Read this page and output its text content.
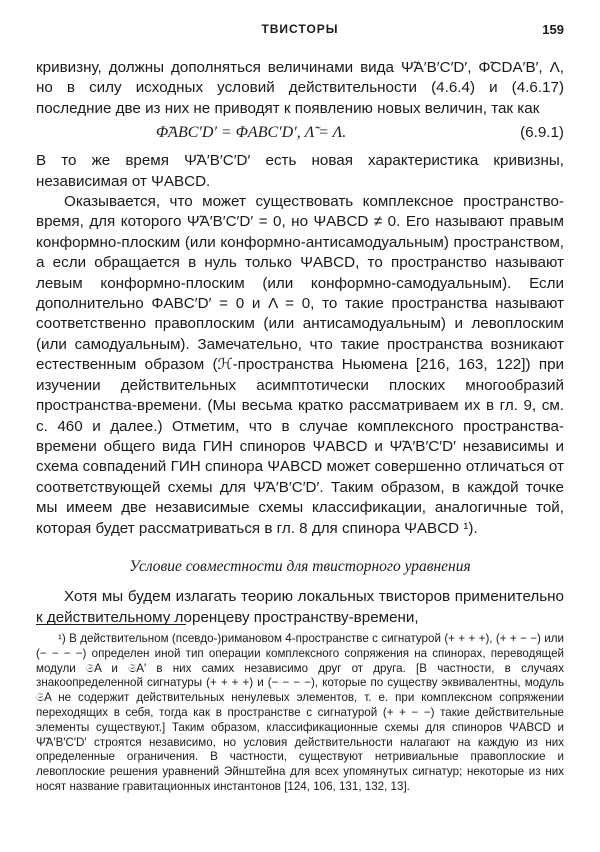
ТВИСТОРЫ	159

кривизну, должны дополняться величинами вида Ψ̃A′B′C′D′, Φ̃CDA′B′, Λ, но в силу исходных условий действительности (4.6.4) и (4.6.17) последние две из них не приводят к появлению новых величин, так как

Φ̃ABC′D′ = ΦABC′D′, Λ̃ = Λ.	(6.9.1)

В то же время Ψ̃A′B′C′D′ есть новая характеристика кривизны, независимая от ΨABCD.

Оказывается, что может существовать комплексное пространство-время, для которого Ψ̃A′B′C′D′ = 0, но ΨABCD ≠ 0. Его называют правым конформно-плоским (или конформно-антисамодуальным) пространством, а если обращается в нуль только ΨABCD, то пространство называют левым конформно-плоским (или конформно-самодуальным). Если дополнительно ΦABC′D′ = 0 и Λ = 0, то такие пространства называют соответственно правоплоским (или антисамодуальным) и левоплоским (или самодуальным). Замечательно, что такие пространства возникают естественным образом (ℋ-пространства Ньюмена [216, 163, 122]) при изучении действительных асимптотически плоских многообразий пространства-времени. (Мы весьма кратко рассматриваем их в гл. 9, см. с. 460 и далее.) Отметим, что в случае комплексного пространства-времени общего вида ГИН спиноров ΨABCD и Ψ̃A′B′C′D′ независимы и схема совпадений ГИН спинора ΨABCD может совершенно отличаться от соответствующей схемы для Ψ̃A′B′C′D′. Таким образом, в каждой точке мы имеем две независимые схемы классификации, аналогичные той, которая будет рассматриваться в гл. 8 для спинора ΨABCD ¹).

Условие совместности для твисторного уравнения

Хотя мы будем излагать теорию локальных твисторов применительно к действительному лоренцеву пространству-времени,

¹) В действительном (псевдо-)римановом 4-пространстве с сигнатурой (+ + + +), (+ + − −) или (− − − −) определен иной тип операции комплексного сопряжения на спинорах, переводящей модули 𝔖A и 𝔖A′ в них самих независимо друг от друга. [В частности, в случаях знакоопределенной сигнатуры (+ + + +) и (− − − −), которые по существу эквивалентны, модуль 𝔖A не содержит действительных ненулевых элементов, т. е. при комплексном сопряжении переходящих в себя, тогда как в пространстве с сигнатурой (+ + − −) такие действительные элементы существуют.] Таким образом, классификационные схемы для спиноров ΨABCD и Ψ̃A′B′C′D′ строятся независимо, но условия действительности налагают на каждую из них определенные ограничения. В частности, существуют нетривиальные правоплоские и левоплоские решения уравнений Эйнштейна для всех упомянутых сигнатур; некоторые из них носят название гравитационных инстантонов [124, 106, 131, 132, 13].
